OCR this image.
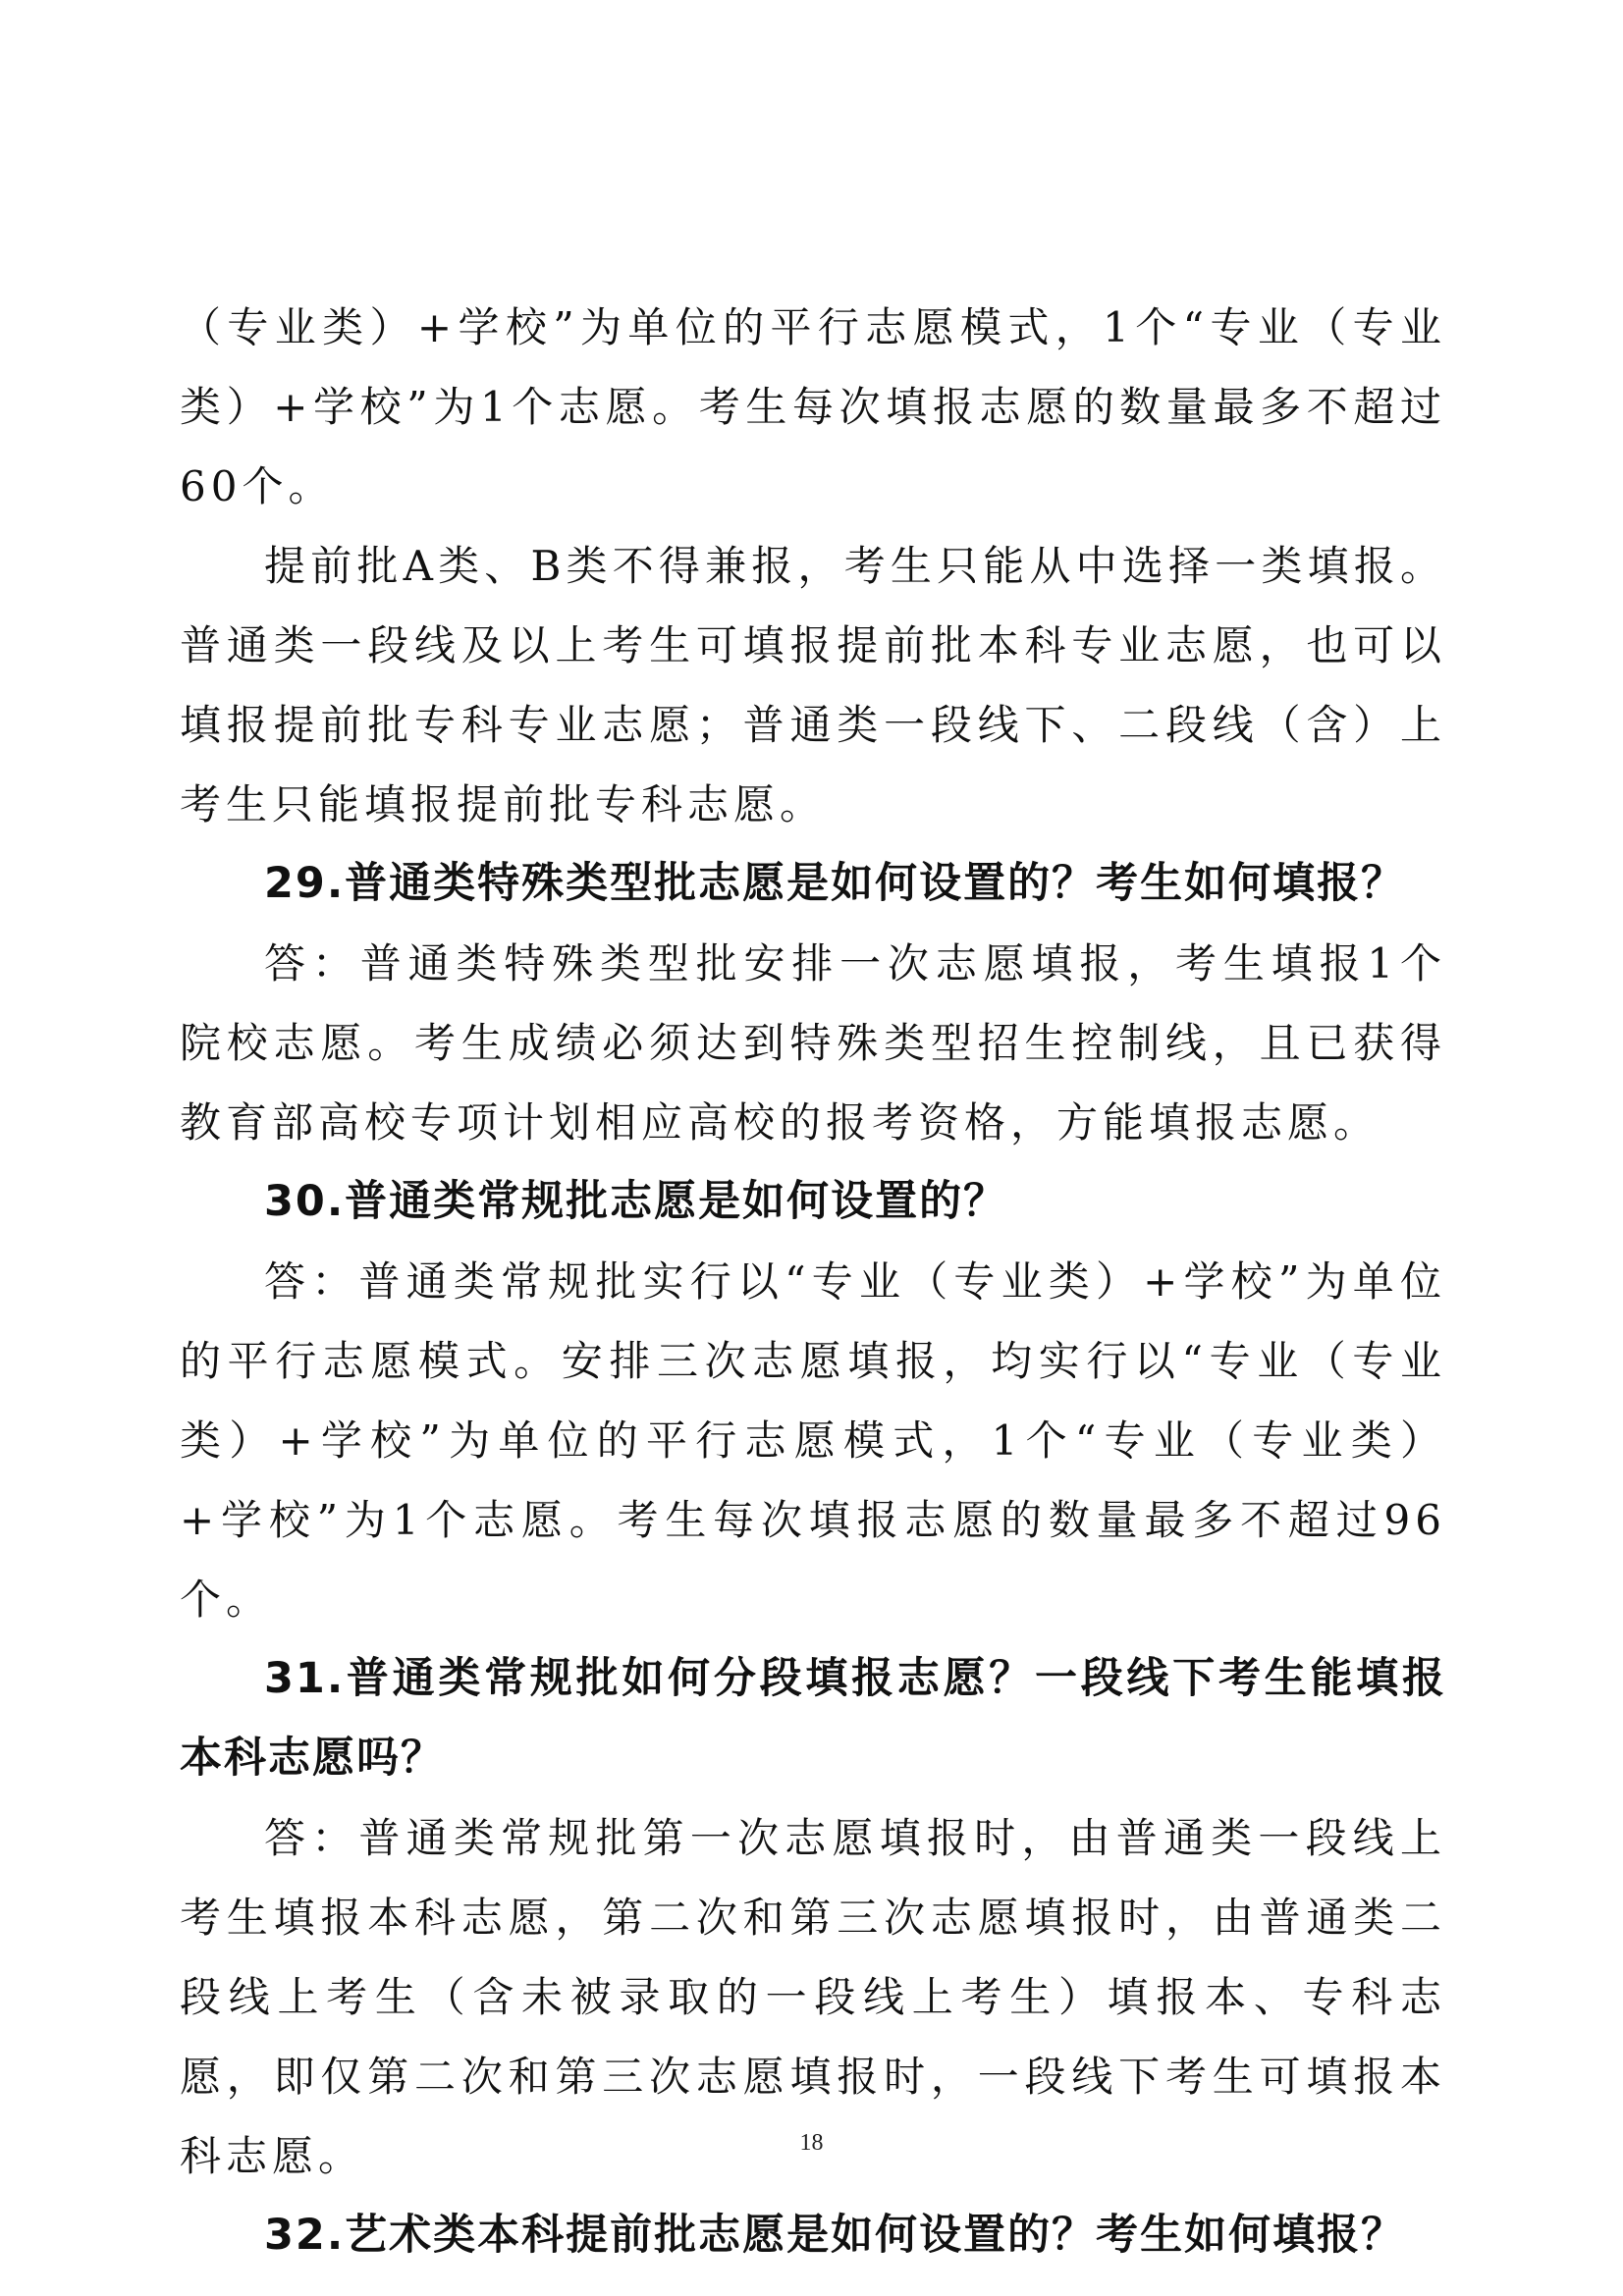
（专业类）+学校”为单位的平行志愿模式，1个“专业（专业类）+学校”为1个志愿。考生每次填报志愿的数量最多不超过60个。

提前批A类、B类不得兼报，考生只能从中选择一类填报。普通类一段线及以上考生可填报提前批本科专业志愿，也可以填报提前批专科专业志愿；普通类一段线下、二段线（含）上考生只能填报提前批专科志愿。

29.普通类特殊类型批志愿是如何设置的？考生如何填报？

答：普通类特殊类型批安排一次志愿填报，考生填报1个院校志愿。考生成绩必须达到特殊类型招生控制线，且已获得教育部高校专项计划相应高校的报考资格，方能填报志愿。

30.普通类常规批志愿是如何设置的？

答：普通类常规批实行以“专业（专业类）+学校”为单位的平行志愿模式。安排三次志愿填报，均实行以“专业（专业类）+学校”为单位的平行志愿模式，1个“专业（专业类）+学校”为1个志愿。考生每次填报志愿的数量最多不超过96个。

31.普通类常规批如何分段填报志愿？一段线下考生能填报本科志愿吗？

答：普通类常规批第一次志愿填报时，由普通类一段线上考生填报本科志愿，第二次和第三次志愿填报时，由普通类二段线上考生（含未被录取的一段线上考生）填报本、专科志愿，即仅第二次和第三次志愿填报时，一段线下考生可填报本科志愿。

32.艺术类本科提前批志愿是如何设置的？考生如何填报？

18
